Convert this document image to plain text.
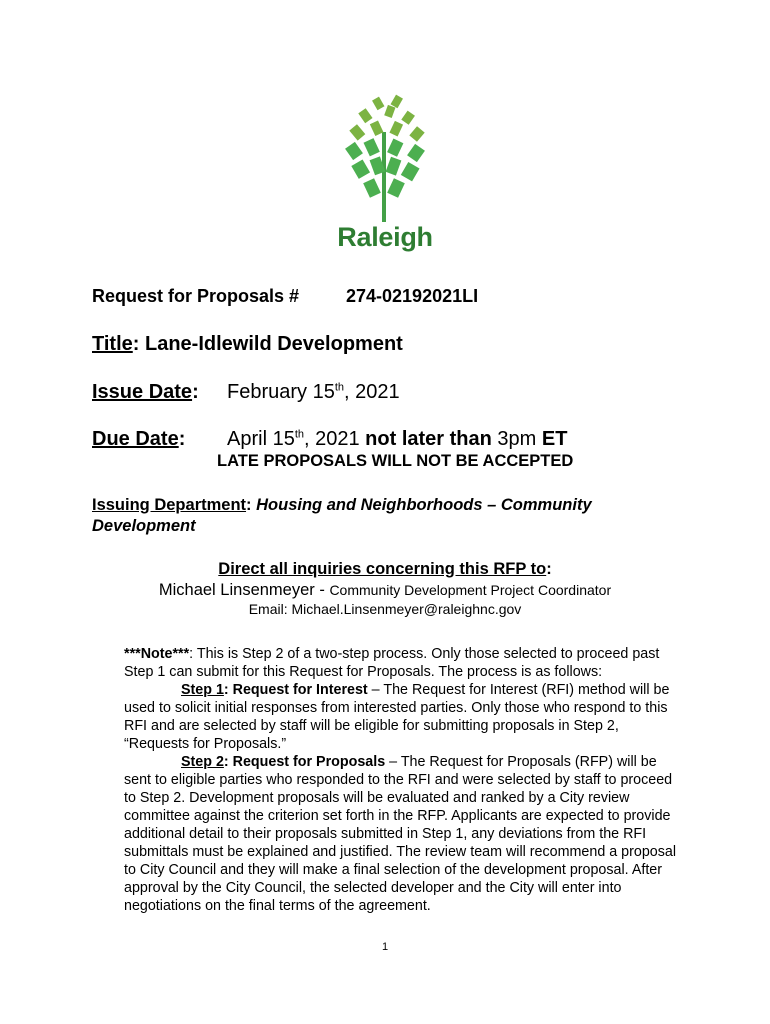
Raleigh
Request for Proposals #	274-02192021LI
Title: Lane-Idlewild Development
Issue Date: February 15th, 2021
Due Date: April 15th, 2021 not later than 3pm ET
LATE PROPOSALS WILL NOT BE ACCEPTED
Issuing Department: Housing and Neighborhoods – Community
Development
Direct all inquiries concerning this RFP to:
Michael Linsenmeyer - Community Development Project Coordinator
Email: Michael.Linsenmeyer@raleighnc.gov

***Note***: This is Step 2 of a two-step process. Only those selected to proceed past Step 1 can submit for this Request for Proposals. The process is as follows:

Step 1: Request for Interest – The Request for Interest (RFI) method will be used to solicit initial responses from interested parties. Only those who respond to this RFI and are selected by staff will be eligible for submitting proposals in Step 2, “Requests for Proposals.”

Step 2: Request for Proposals – The Request for Proposals (RFP) will be sent to eligible parties who responded to the RFI and were selected by staff to proceed to Step 2. Development proposals will be evaluated and ranked by a City review committee against the criterion set forth in the RFP. Applicants are expected to provide additional detail to their proposals submitted in Step 1, any deviations from the RFI submittals must be explained and justified. The review team will recommend a proposal to City Council and they will make a final selection of the development proposal. After approval by the City Council, the selected developer and the City will enter into negotiations on the final terms of the agreement.

1
